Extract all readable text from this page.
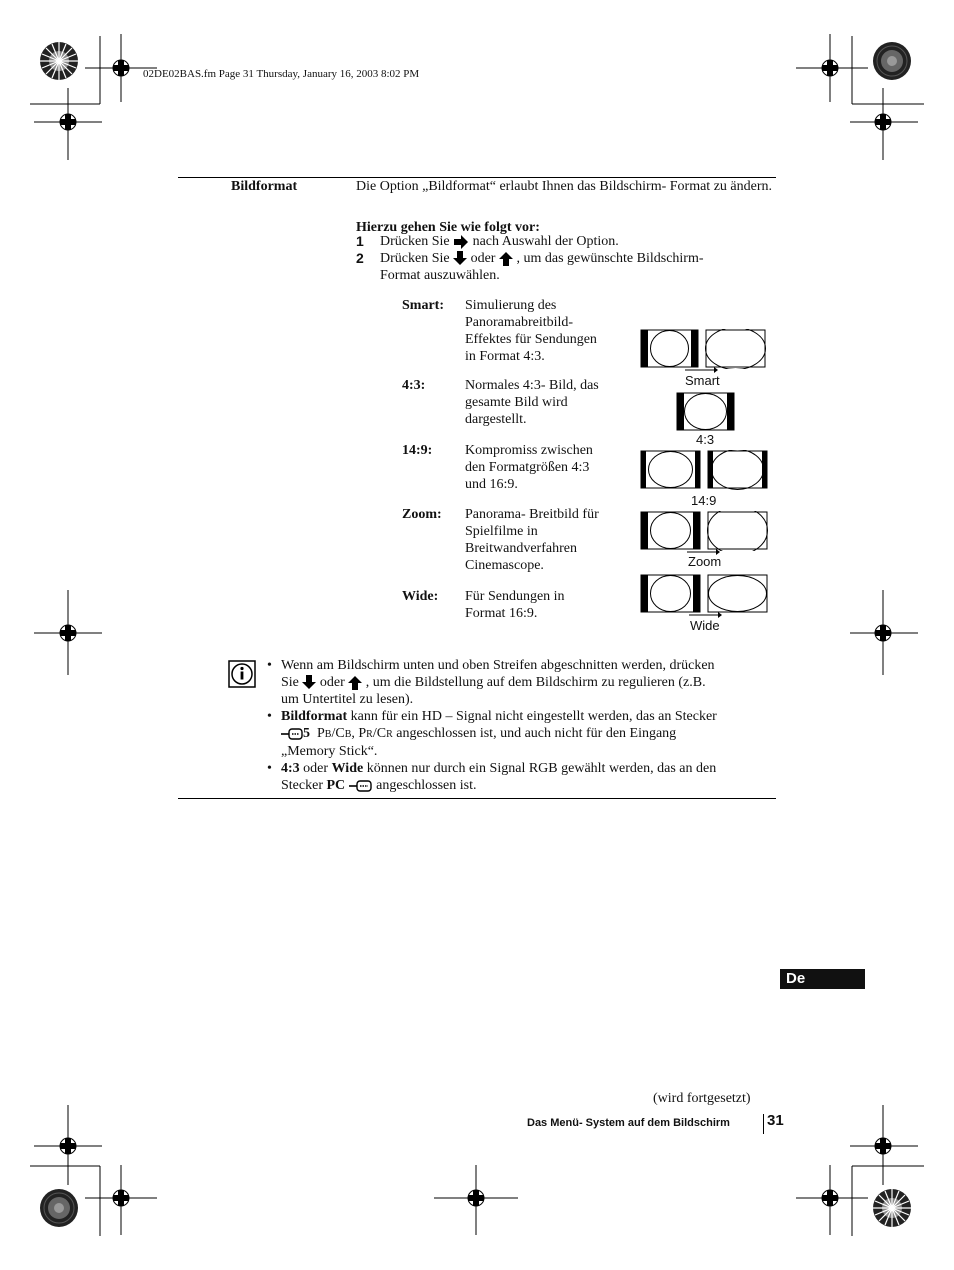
02DE02BAS.fm Page 31 Thursday, January 16, 2003 8:02 PM
Bildformat	Die Option „Bildformat“ erlaubt Ihnen das Bildschirm- Format zu ändern.
Hierzu gehen Sie wie folgt vor:
1 Drücken Sie nach Auswahl der Option.
2 Drücken Sie oder , um das gewünschte Bildschirm-
Format auszuwählen.
Smart: Simulierung des
Panoramabreitbild-
Effektes für Sendungen
in Format 4:3.
4:3:	Normales 4:3- Bild, das
gesamte Bild wird
dargestellt.
14:9: Kompromiss zwischen
den Formatgrößen 4:3
und 16:9.
Zoom: Panorama- Breitbild für
Spielfilme in
Breitwandverfahren
Cinemascope.
Wide: Für Sendungen in
Format 16:9.
Smart
4:3
14:9
Zoom
Wide
• Wenn am Bildschirm unten und oben Streifen abgeschnitten werden, drücken
Sie oder , um die Bildstellung auf dem Bildschirm zu regulieren (z.B.
um Untertitel zu lesen).
• Bildformat kann für ein HD – Signal nicht eingestellt werden, das an Stecker
5 PB/CB, PR/CR angeschlossen ist, und auch nicht für den Eingang
„Memory Stick“.
• 4:3 oder Wide können nur durch ein Signal RGB gewählt werden, das an den
Stecker PC angeschlossen ist.
De
(wird fortgesetzt)
Das Menü- System auf dem Bildschirm 31
